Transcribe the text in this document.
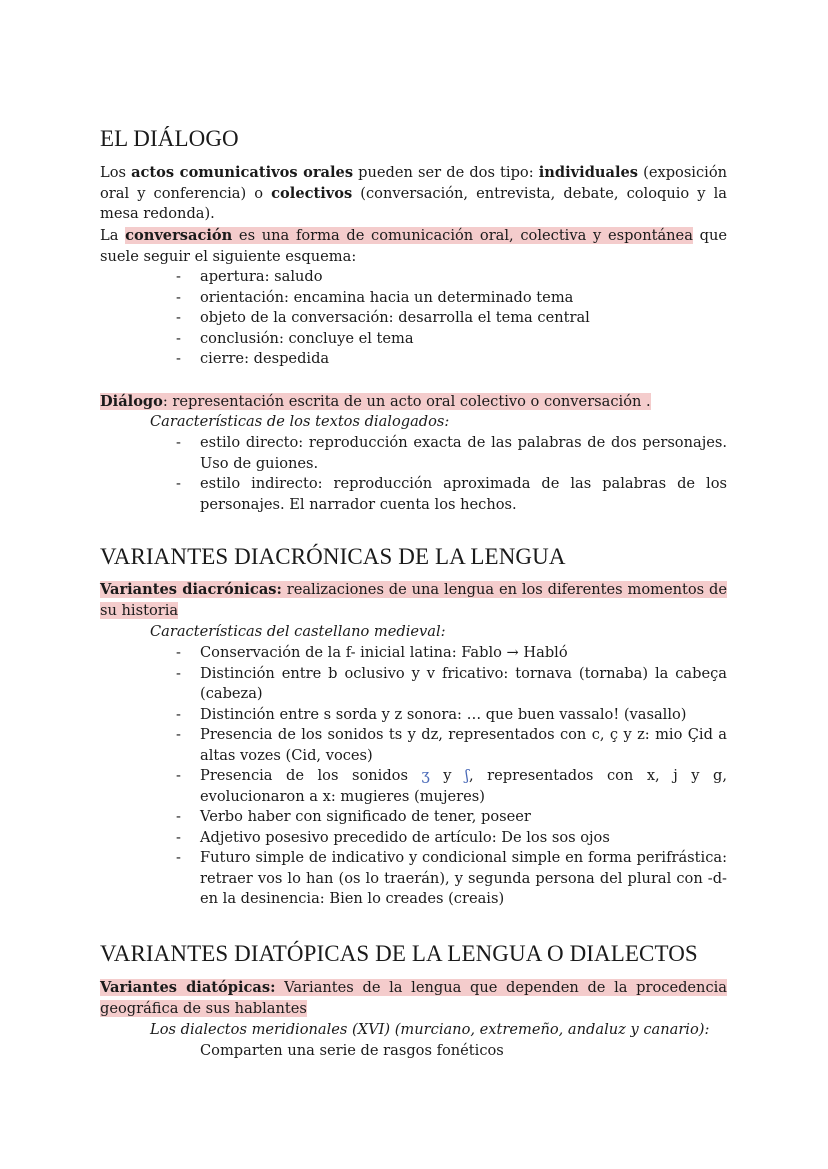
EL DIÁLOGO

Los actos comunicativos orales pueden ser de dos tipo: individuales (exposición oral y conferencia) o colectivos (conversación, entrevista, debate, coloquio y la mesa redonda).

La conversación es una forma de comunicación oral, colectiva y espontánea que suele seguir el siguiente esquema:

- apertura: saludo
- orientación: encamina hacia un determinado tema
- objeto de la conversación: desarrolla el tema central
- conclusión: concluye el tema
- cierre: despedida

Diálogo: representación escrita de un acto oral colectivo o conversación .

Características de los textos dialogados:
- estilo directo: reproducción exacta de las palabras de dos personajes. Uso de guiones.
- estilo indirecto: reproducción aproximada de las palabras de los personajes. El narrador cuenta los hechos.
VARIANTES DIACRÓNICAS DE LA LENGUA

Variantes diacrónicas: realizaciones de una lengua en los diferentes momentos de su historia

Características del castellano medieval:
- Conservación de la f- inicial latina: Fablo → Habló
- Distinción entre b oclusivo y v fricativo: tornava (tornaba) la cabeça (cabeza)
- Distinción entre s sorda y z sonora: … que buen vassalo! (vasallo)
- Presencia de los sonidos ts y dz, representados con c, ç y z: mio Çid a altas vozes (Cid, voces)
- Presencia de los sonidos ʒ y ʃ, representados con x, j y g, evolucionaron a x: mugieres (mujeres)
- Verbo haber con significado de tener, poseer
- Adjetivo posesivo precedido de artículo: De los sos ojos
- Futuro simple de indicativo y condicional simple en forma perifrástica: retraer vos lo han (os lo traerán), y segunda persona del plural con -d- en la desinencia: Bien lo creades (creais)
VARIANTES DIATÓPICAS DE LA LENGUA O DIALECTOS

Variantes diatópicas: Variantes de la lengua que dependen de la procedencia geográfica de sus hablantes

Los dialectos meridionales (XVI) (murciano, extremeño, andaluz y canario):
Comparten una serie de rasgos fonéticos
